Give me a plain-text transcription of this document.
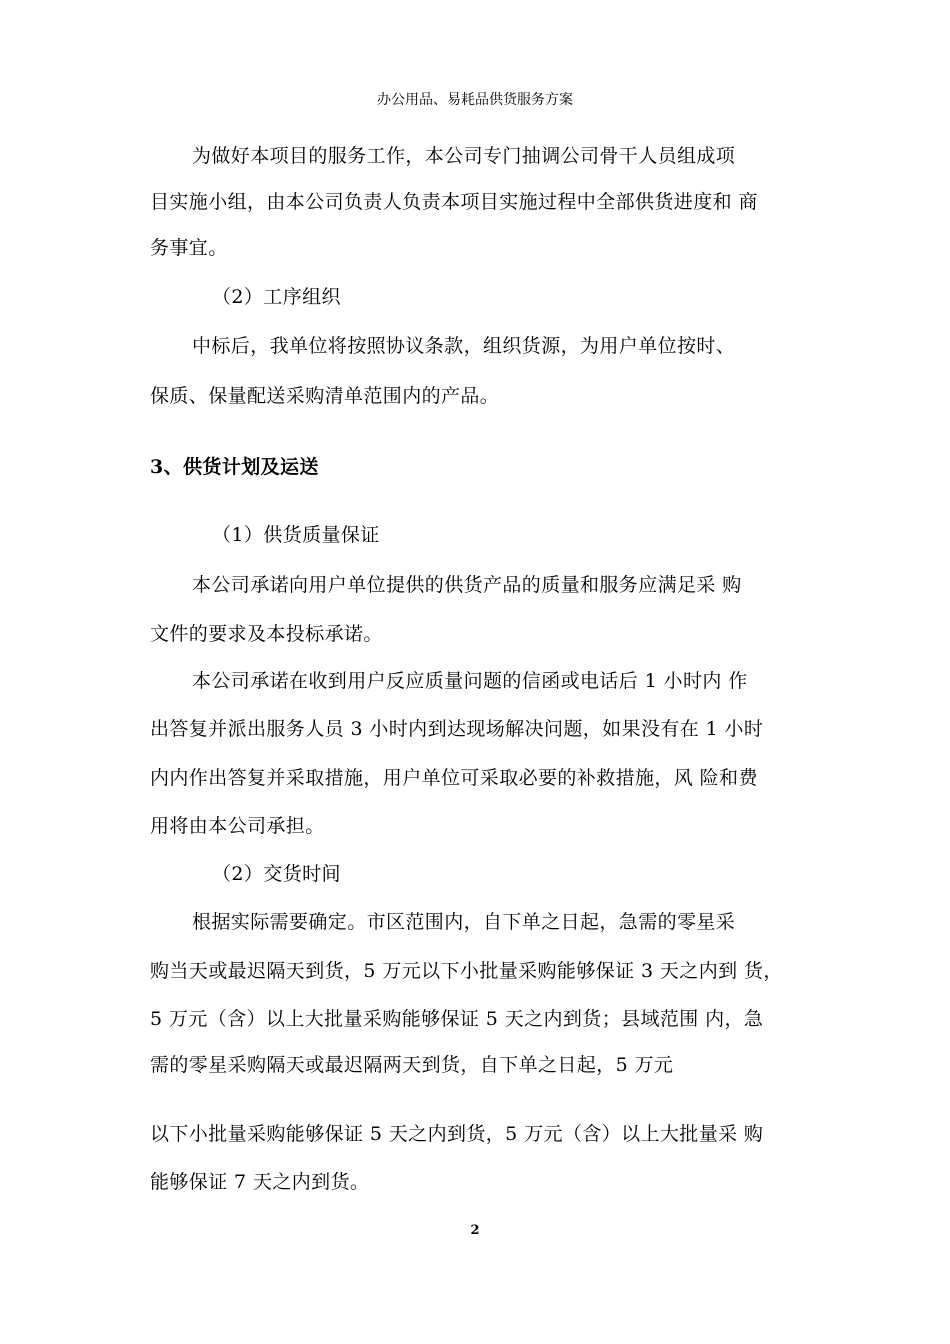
办公用品、易耗品供货服务方案
为做好本项目的服务工作，本公司专门抽调公司骨干人员组成项
目实施小组，由本公司负责人负责本项目实施过程中全部供货进度和 商
务事宜。
（2）工序组织
中标后，我单位将按照协议条款，组织货源，为用户单位按时、
保质、保量配送采购清单范围内的产品。
3、供货计划及运送
（1）供货质量保证
本公司承诺向用户单位提供的供货产品的质量和服务应满足采 购
文件的要求及本投标承诺。
本公司承诺在收到用户反应质量问题的信函或电话后 1 小时内 作
出答复并派出服务人员 3 小时内到达现场解决问题，如果没有在 1 小时
内内作出答复并采取措施，用户单位可采取必要的补救措施，风 险和费
用将由本公司承担。
（2）交货时间
根据实际需要确定。市区范围内，自下单之日起，急需的零星采
购当天或最迟隔天到货，5 万元以下小批量采购能够保证 3 天之内到 货，
5 万元（含）以上大批量采购能够保证 5 天之内到货；县域范围 内，急
需的零星采购隔天或最迟隔两天到货，自下单之日起，5 万元
以下小批量采购能够保证 5 天之内到货，5 万元（含）以上大批量采 购
能够保证 7 天之内到货。
2
